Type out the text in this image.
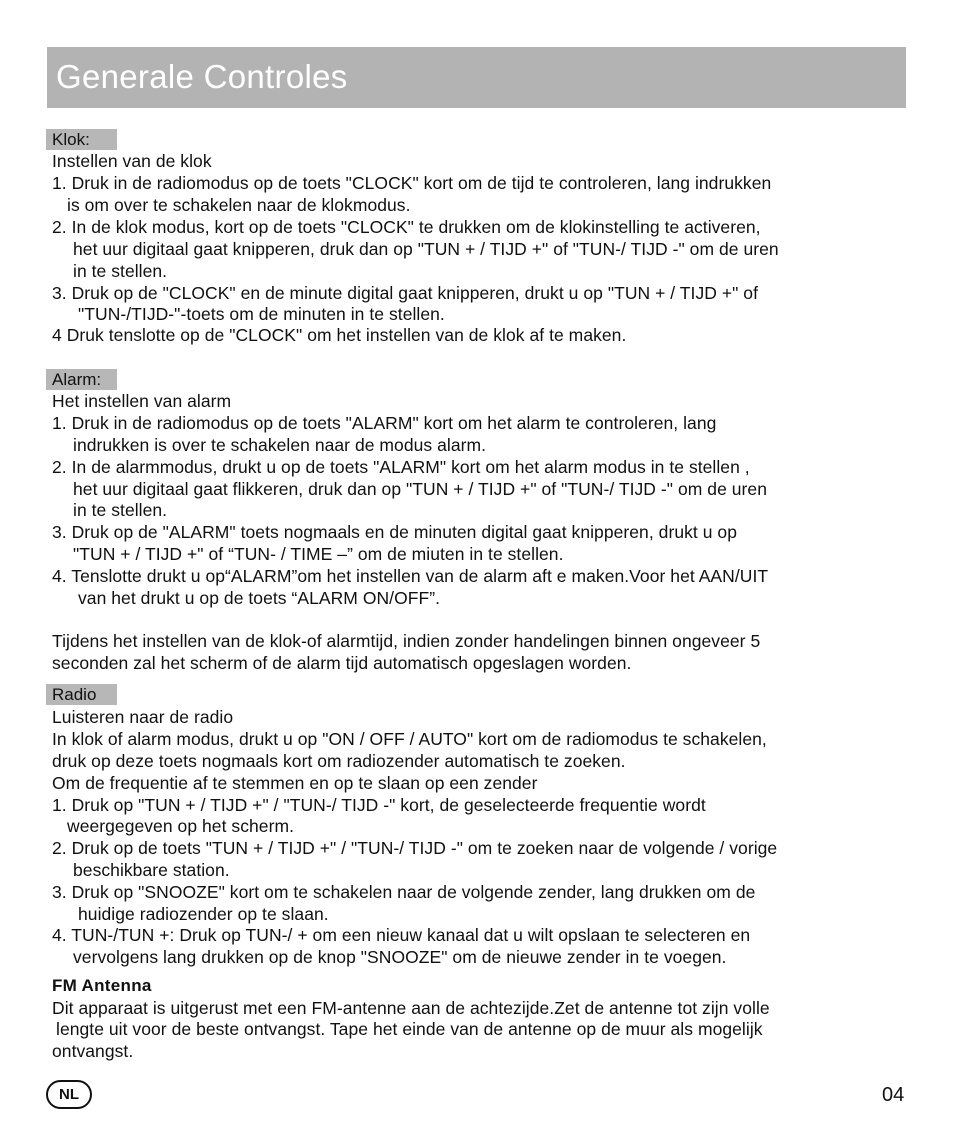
Generale Controles
Klok:
Instellen van de klok
1. Druk in de radiomodus op de toets "CLOCK" kort om de tijd te controleren, lang indrukken
is om over te schakelen naar de klokmodus.
2. In de klok modus, kort op de toets "CLOCK" te drukken om de klokinstelling te activeren,
het uur digitaal gaat knipperen, druk dan op "TUN + / TIJD +" of "TUN-/ TIJD -" om de uren
in te stellen.
3. Druk op de "CLOCK" en de minute digital gaat knipperen, drukt u op "TUN + / TIJD +" of
"TUN-/TIJD-"-toets om de minuten in te stellen.
4 Druk tenslotte op de "CLOCK" om het instellen van de klok af te maken.
Alarm:
Het instellen van alarm
1. Druk in de radiomodus op de toets "ALARM" kort om het alarm te controleren, lang
indrukken is over te schakelen naar de modus alarm.
2. In de alarmmodus, drukt u op de toets "ALARM" kort om het alarm modus in te stellen ,
het uur digitaal gaat flikkeren, druk dan op "TUN + / TIJD +" of "TUN-/ TIJD -" om de uren
in te stellen.
3. Druk op de "ALARM" toets nogmaals en de minuten digital gaat knipperen, drukt u op
"TUN + / TIJD +" of “TUN- / TIME –” om de miuten in te stellen.
4. Tenslotte drukt u op“ALARM”om het instellen van de alarm aft e maken.Voor het AAN/UIT
van het drukt u op de toets “ALARM ON/OFF”.
Tijdens het instellen van de klok-of alarmtijd, indien zonder handelingen binnen ongeveer 5
seconden zal het scherm of de alarm tijd automatisch opgeslagen worden.
Radio
Luisteren naar de radio
In klok of alarm modus, drukt u op "ON / OFF / AUTO" kort om de radiomodus te schakelen,
druk op deze toets nogmaals kort om radiozender automatisch te zoeken.
Om de frequentie af te stemmen en op te slaan op een zender
1. Druk op "TUN + / TIJD +" / "TUN-/ TIJD -" kort, de geselecteerde frequentie wordt
weergegeven op het scherm.
2. Druk op de toets "TUN + / TIJD +" / "TUN-/ TIJD -" om te zoeken naar de volgende / vorige
beschikbare station.
3. Druk op "SNOOZE" kort om te schakelen naar de volgende zender, lang drukken om de
huidige radiozender op te slaan.
4. TUN-/TUN +: Druk op TUN-/ + om een nieuw kanaal dat u wilt opslaan te selecteren en
vervolgens lang drukken op de knop "SNOOZE" om de nieuwe zender in te voegen.
FM Antenna
Dit apparaat is uitgerust met een FM-antenne aan de achtezijde.Zet de antenne tot zijn volle
lengte uit voor de beste ontvangst. Tape het einde van de antenne op de muur als mogelijk
ontvangst.
NL	04
